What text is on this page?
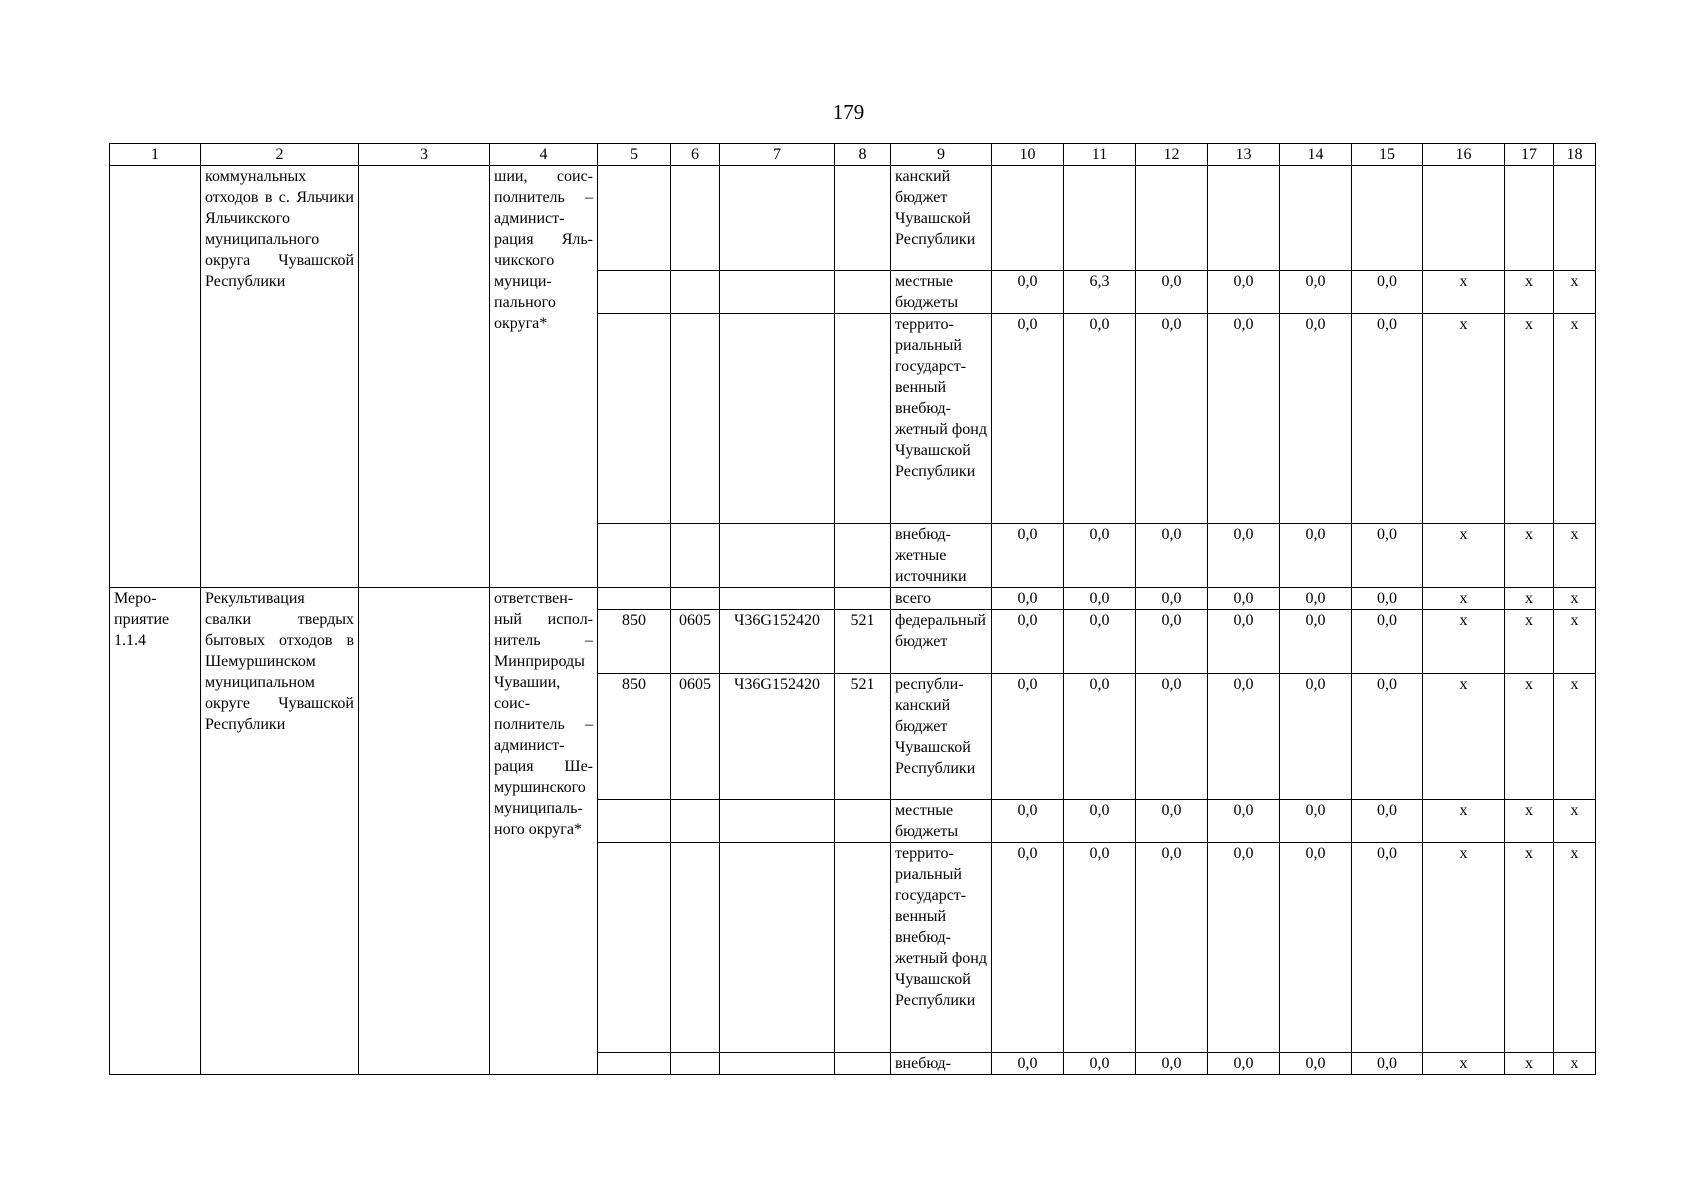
179
1	2	3	4	5	6	7	8	9	10	11	12	13	14	15	16	17	18
	коммунальных отходов в с. Яльчики Яльчикского муниципального округа Чувашской Республики		шии, соисполнитель – администрация Яльчикского муниципального округа*					канский бюджет Чувашской Республики									
								местные бюджеты	0,0	6,3	0,0	0,0	0,0	0,0	x	x	x
								территориальный государственный внебюджетный фонд Чувашской Республики	0,0	0,0	0,0	0,0	0,0	0,0	x	x	x
								внебюджетные источники	0,0	0,0	0,0	0,0	0,0	0,0	x	x	x
Мероприятие 1.1.4	Рекультивация свалки твердых бытовых отходов в Шемуршинском муниципальном округе Чувашской Республики		ответственный исполнитель – Минприроды Чувашии, соисполнитель – администрация Шемуршинского муниципального округа*					всего	0,0	0,0	0,0	0,0	0,0	0,0	x	x	x
				850	0605	Ч36G152420	521	федеральный бюджет	0,0	0,0	0,0	0,0	0,0	0,0	x	x	x
				850	0605	Ч36G152420	521	республиканский бюджет Чувашской Республики	0,0	0,0	0,0	0,0	0,0	0,0	x	x	x
								местные бюджеты	0,0	0,0	0,0	0,0	0,0	0,0	x	x	x
								территориальный государственный внебюджетный фонд Чувашской Республики	0,0	0,0	0,0	0,0	0,0	0,0	x	x	x
								внебюд-	0,0	0,0	0,0	0,0	0,0	0,0	x	x	x
